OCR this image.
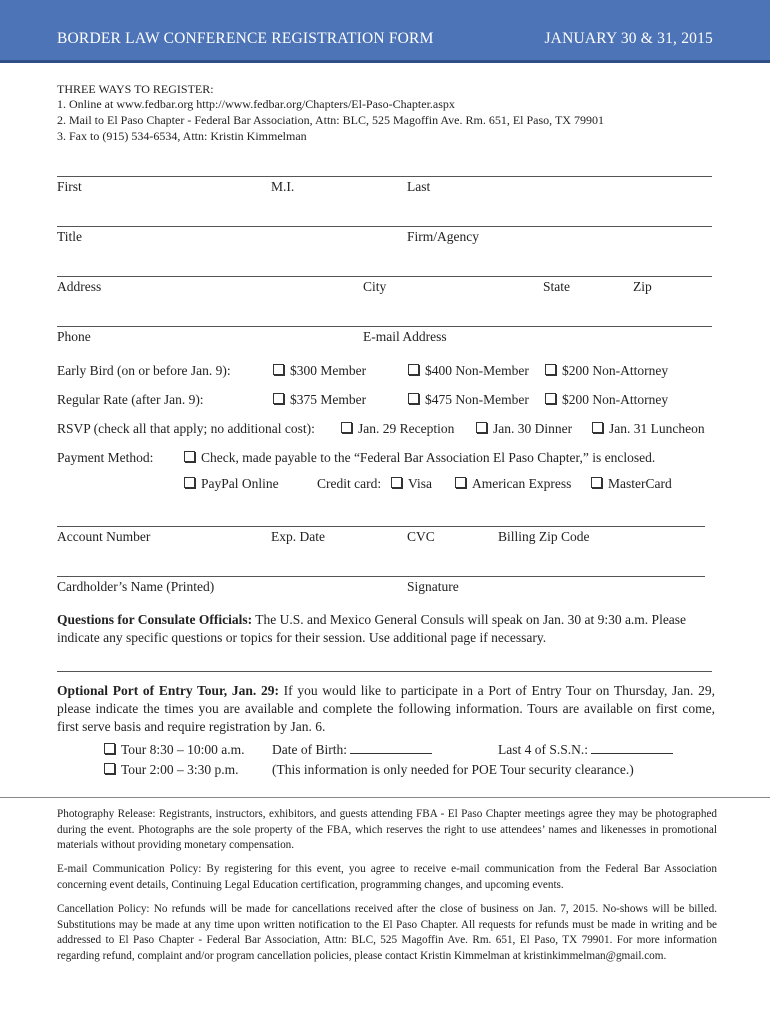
BORDER LAW CONFERENCE REGISTRATION FORM	JANUARY 30 & 31, 2015
THREE WAYS TO REGISTER:
1. Online at www.fedbar.org http://www.fedbar.org/Chapters/El-Paso-Chapter.aspx
2. Mail to El Paso Chapter - Federal Bar Association, Attn: BLC, 525 Magoffin Ave. Rm. 651, El Paso, TX 79901
3. Fax to (915) 534-6534, Attn: Kristin Kimmelman
First	M.I.	Last
Title	Firm/Agency
Address	City	State	Zip
Phone	E-mail Address
Early Bird (on or before Jan. 9):	$300 Member	$400 Non-Member	$200 Non-Attorney
Regular Rate (after Jan. 9):	$375 Member	$475 Non-Member	$200 Non-Attorney
RSVP (check all that apply; no additional cost):	Jan. 29 Reception	Jan. 30 Dinner	Jan. 31 Luncheon
Payment Method:	Check, made payable to the “Federal Bar Association El Paso Chapter,” is enclosed.
PayPal Online	Credit card:	Visa	American Express	MasterCard
Account Number	Exp. Date	CVC	Billing Zip Code
Cardholder’s Name (Printed)	Signature
Questions for Consulate Officials: The U.S. and Mexico General Consuls will speak on Jan. 30 at 9:30 a.m. Please indicate any specific questions or topics for their session. Use additional page if necessary.
Optional Port of Entry Tour, Jan. 29: If you would like to participate in a Port of Entry Tour on Thursday, Jan. 29, please indicate the times you are available and complete the following information. Tours are available on first come, first serve basis and require registration by Jan. 6.
Tour 8:30 – 10:00 a.m. Date of Birth:	Last 4 of S.S.N.:
Tour 2:00 – 3:30 p.m. (This information is only needed for POE Tour security clearance.)
Photography Release: Registrants, instructors, exhibitors, and guests attending FBA - El Paso Chapter meetings agree they may be photographed during the event. Photographs are the sole property of the FBA, which reserves the right to use attendees’ names and likenesses in promotional materials without providing monetary compensation.
E-mail Communication Policy: By registering for this event, you agree to receive e-mail communication from the Federal Bar Association concerning event details, Continuing Legal Education certification, programming changes, and upcoming events.
Cancellation Policy: No refunds will be made for cancellations received after the close of business on Jan. 7, 2015. No-shows will be billed. Substitutions may be made at any time upon written notification to the El Paso Chapter. All requests for refunds must be made in writing and be addressed to El Paso Chapter - Federal Bar Association, Attn: BLC, 525 Magoffin Ave. Rm. 651, El Paso, TX 79901. For more information regarding refund, complaint and/or program cancellation policies, please contact Kristin Kimmelman at kristinkimmelman@gmail.com.
